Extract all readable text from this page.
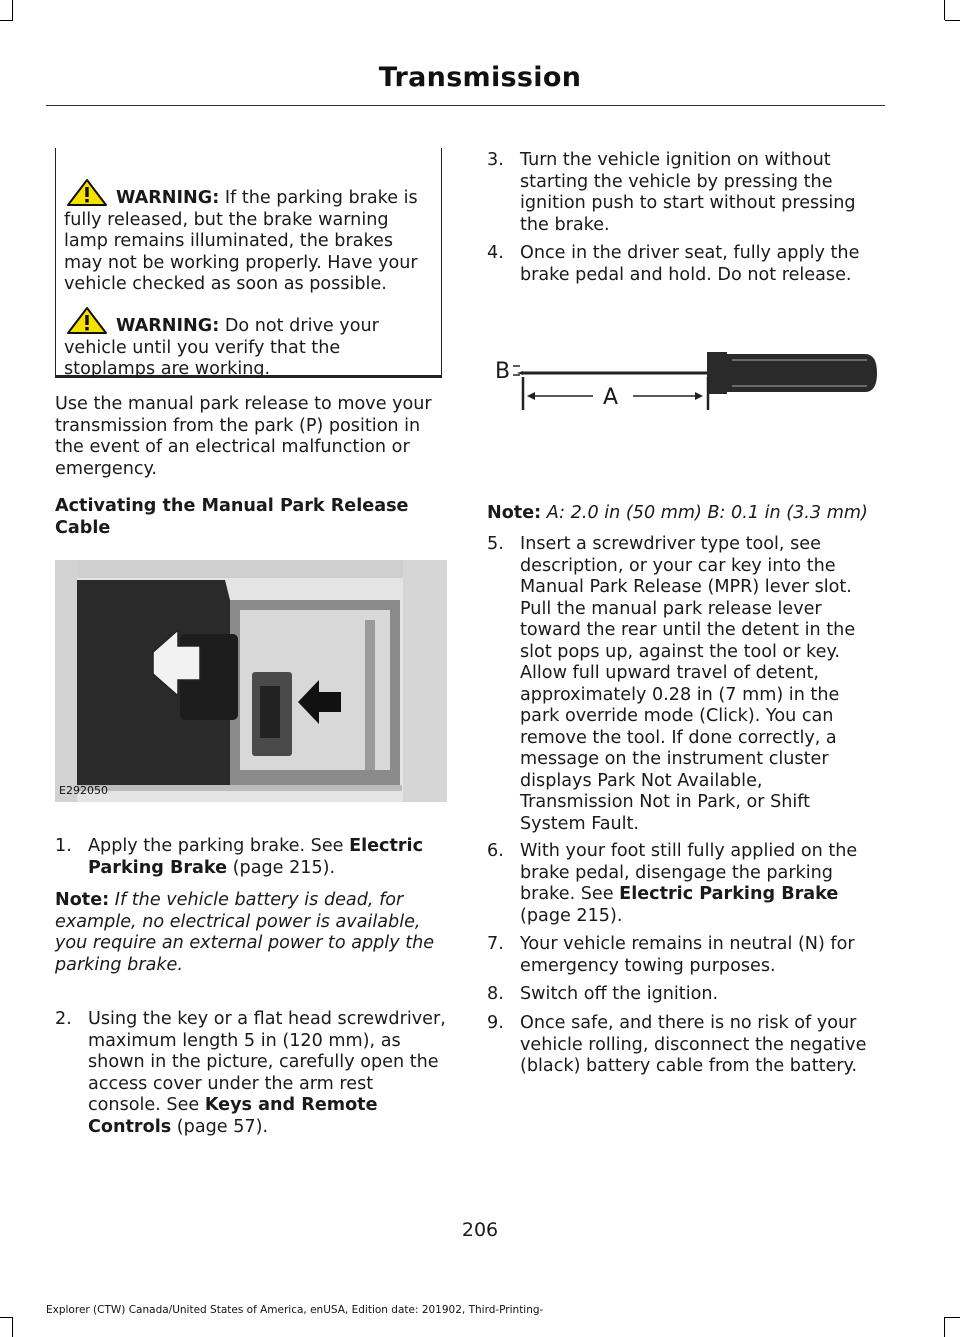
Transmission
WARNING: If the parking brake is fully released, but the brake warning lamp remains illuminated, the brakes may not be working properly. Have your vehicle checked as soon as possible.
WARNING: Do not drive your vehicle until you verify that the stoplamps are working.

Use the manual park release to move your transmission from the park (P) position in the event of an electrical malfunction or emergency.

Activating the Manual Park Release Cable

E292050
1. Apply the parking brake. See Electric Parking Brake (page 215).

Note: If the vehicle battery is dead, for example, no electrical power is available, you require an external power to apply the parking brake.

2. Using the key or a flat head screwdriver, maximum length 5 in (120 mm), as shown in the picture, carefully open the access cover under the arm rest console. See Keys and Remote Controls (page 57).
3. Turn the vehicle ignition on without starting the vehicle by pressing the ignition push to start without pressing the brake.
4. Once in the driver seat, fully apply the brake pedal and hold. Do not release.
B
A

Note: A: 2.0 in (50 mm) B: 0.1 in (3.3 mm)

5. Insert a screwdriver type tool, see description, or your car key into the Manual Park Release (MPR) lever slot. Pull the manual park release lever toward the rear until the detent in the slot pops up, against the tool or key. Allow full upward travel of detent, approximately 0.28 in (7 mm) in the park override mode (Click). You can remove the tool. If done correctly, a message on the instrument cluster displays Park Not Available, Transmission Not in Park, or Shift System Fault.
6. With your foot still fully applied on the brake pedal, disengage the parking brake. See Electric Parking Brake (page 215).
7. Your vehicle remains in neutral (N) for emergency towing purposes.
8. Switch off the ignition.
9. Once safe, and there is no risk of your vehicle rolling, disconnect the negative (black) battery cable from the battery.
206
Explorer (CTW) Canada/United States of America, enUSA, Edition date: 201902, Third-Printing-
